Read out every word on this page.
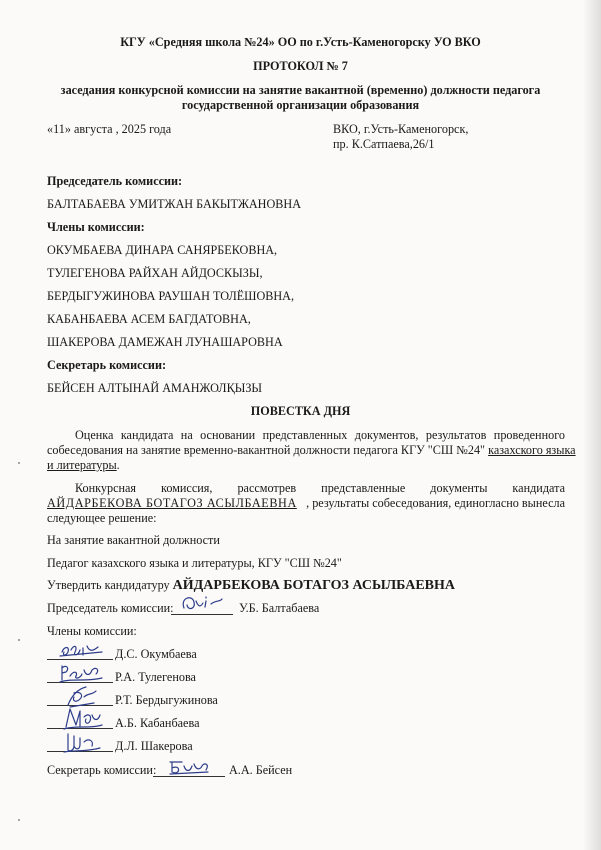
КГУ «Средняя школа №24» ОО по г.Усть-Каменогорску УО ВКО
ПРОТОКОЛ № 7
заседания конкурсной комиссии на занятие вакантной (временно) должности педагога
государственной организации образования
«11» августа , 2025 года	ВКО, г.Усть-Каменогорск,
пр. К.Сатпаева,26/1
Председатель комиссии:
БАЛТАБАЕВА УМИТЖАН БАКЫТЖАНОВНА
Члены комиссии:
ОКУМБАЕВА ДИНАРА САНЯРБЕКОВНА,
ТУЛЕГЕНОВА РАЙХАН АЙДОСКЫЗЫ,
БЕРДЫГУЖИНОВА РАУШАН ТОЛЁШОВНА,
КАБАНБАЕВА АСЕМ БАГДАТОВНА,
ШАКЕРОВА ДАМЕЖАН ЛУНАШАРОВНА
Секретарь комиссии:
БЕЙСЕН АЛТЫНАЙ АМАНЖОЛҚЫЗЫ
ПОВЕСТКА ДНЯ
Оценка кандидата на основании представленных документов, результатов проведенного
собеседования на занятие временно-вакантной должности педагога КГУ "СШ №24" казахского языка
и литературы.
Конкурсная комиссия, рассмотрев представленные документы кандидата
АЙДАРБЕКОВА БОТАГОЗ АСЫЛБАЕВНА , результаты собеседования, единогласно вынесла
следующее решение:
На занятие вакантной должности
Педагог казахского языка и литературы, КГУ "СШ №24"
Утвердить кандидатуру АЙДАРБЕКОВА БОТАГОЗ АСЫЛБАЕВНА
Председатель комиссии:	У.Б. Балтабаева
Члены комиссии:
Д.С. Окумбаева
Р.А. Тулегенова
Р.Т. Бердыгужинова
А.Б. Кабанбаева
Д.Л. Шакерова
Секретарь комиссии:	А.А. Бейсен
